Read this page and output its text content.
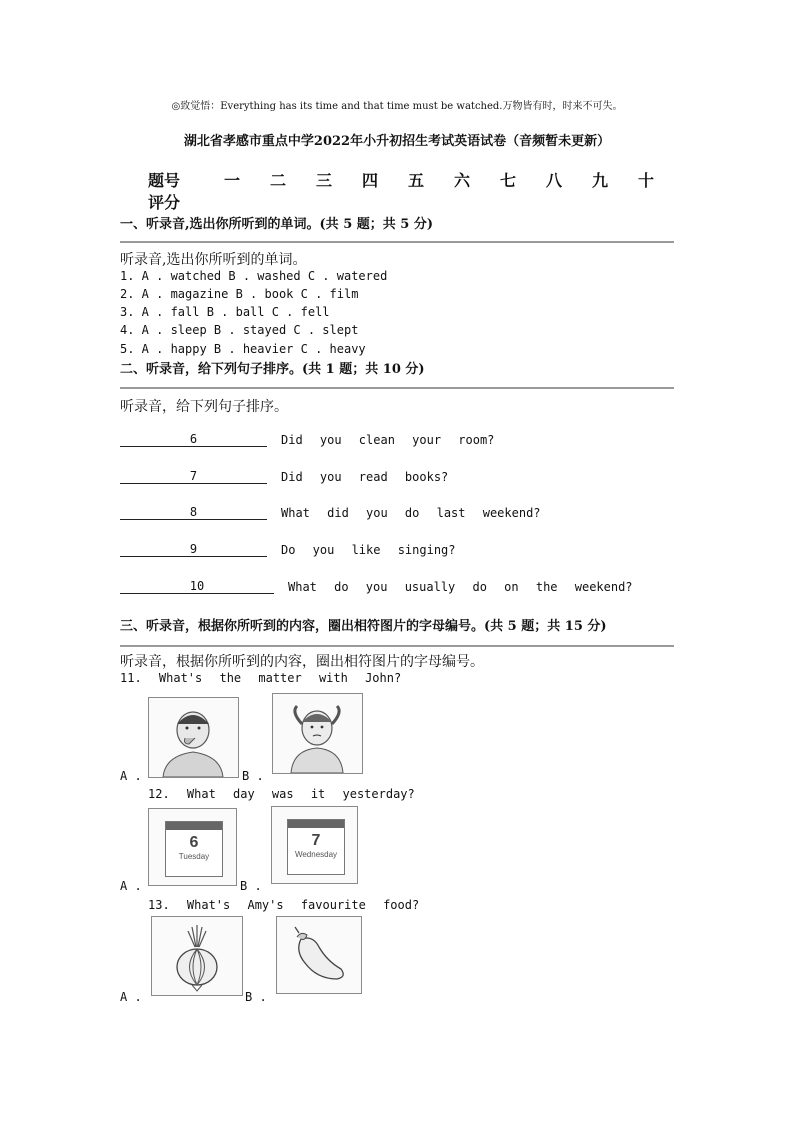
◎致觉悟：Everything has its time and that time must be watched.万物皆有时，时来不可失。
湖北省孝感市重点中学2022年小升初招生考试英语试卷（音频暂未更新）
题号	一 二 三 四 五 六 七 八 九 十
评分
一、听录音,选出你所听到的单词。(共 5 题；共 5 分)
听录音,选出你所听到的单词。
1. A . watched B . washed C . watered
2. A . magazine B . book C . film
3. A . fall B . ball C . fell
4. A . sleep B . stayed C . slept
5. A . happy B . heavier C . heavy
二、听录音，给下列句子排序。(共 1 题；共 10 分)
听录音，给下列句子排序。
6	Did you clean your room?
7	Did you read books?
8	What did you do last weekend?
9	Do you like singing?
10	What do you usually do on the weekend?
三、听录音，根据你所听到的内容，圈出相符图片的字母编号。(共 5 题；共 15 分)
听录音，根据你所听到的内容，圈出相符图片的字母编号。
11. What's the matter with John?
A .	B .
12. What day was it yesterday?
6
Tuesday
7
Wednesday
A .	B .
13. What's Amy's favourite food?
A .	B .
